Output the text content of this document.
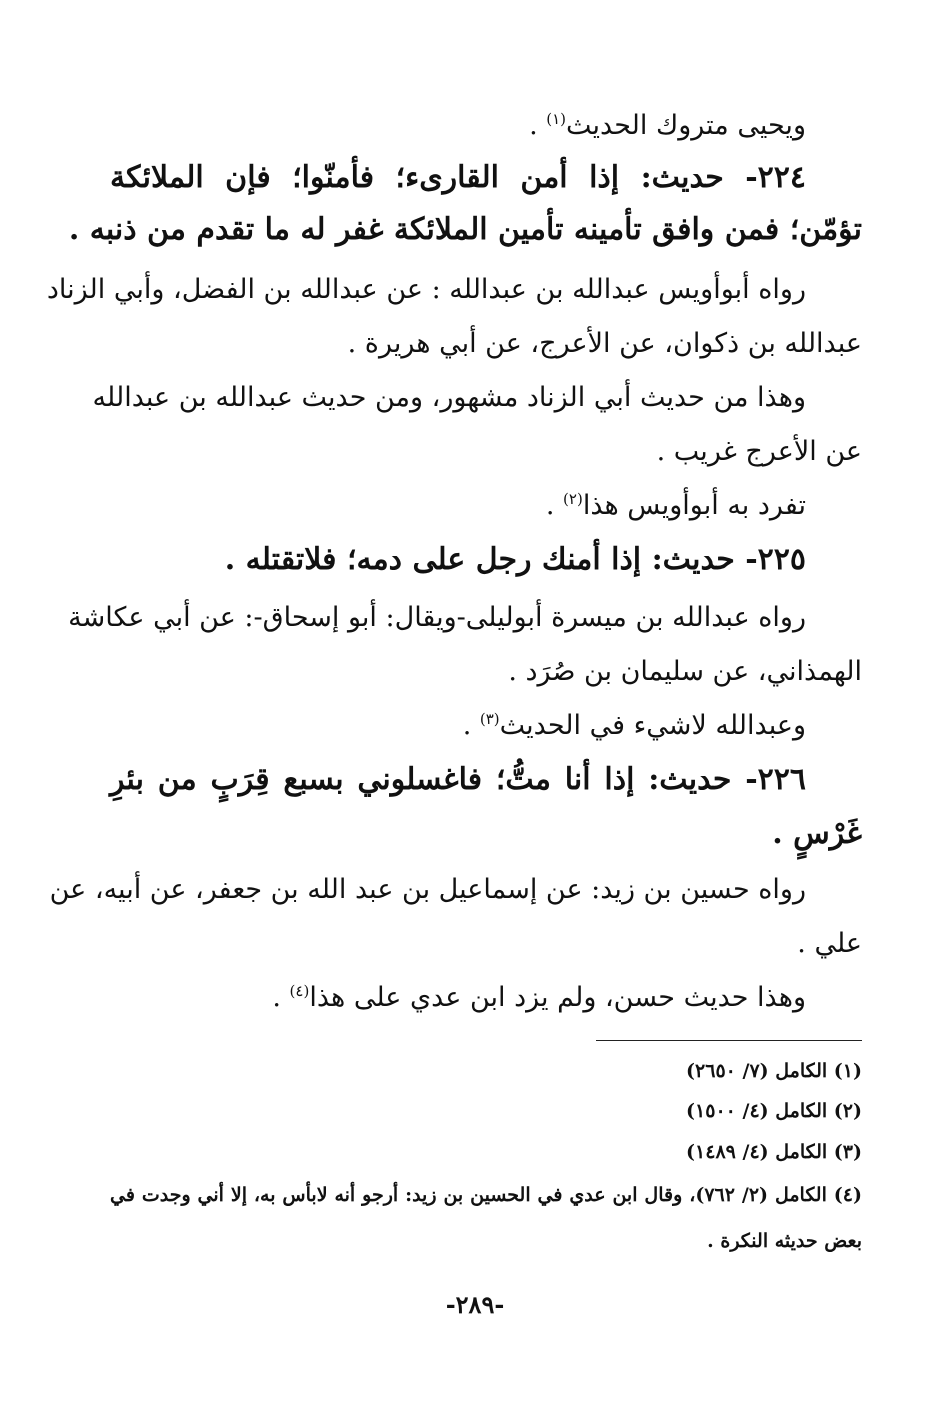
ويحيى متروك الحديث$^{(١)}$ .
٢٢٤- حديث: إذا أمن القارىء؛ فأمنّوا؛ فإن الملائكة
تؤمّن؛ فمن وافق تأمينه تأمين الملائكة غفر له ما تقدم من ذنبه .
رواه أبوأويس عبدالله بن عبدالله : عن عبدالله بن الفضل، وأبي الزناد
عبدالله بن ذكوان، عن الأعرج، عن أبي هريرة .
وهذا من حديث أبي الزناد مشهور، ومن حديث عبدالله بن عبدالله
عن الأعرج غريب .
تفرد به أبوأويس هذا$^{(٢)}$ .
٢٢٥- حديث: إذا أمنك رجل على دمه؛ فلاتقتله .
رواه عبدالله بن ميسرة أبوليلى-ويقال: أبو إسحاق-: عن أبي عكاشة
الهمذاني، عن سليمان بن صُرَد .
وعبدالله لاشيء في الحديث$^{(٣)}$ .
٢٢٦- حديث: إذا أنا متُّ؛ فاغسلوني بسبع قِرَبٍ من بئرِ
غَرْسٍ .
رواه حسين بن زيد: عن إسماعيل بن عبد الله بن جعفر، عن أبيه، عن
علي .
وهذا حديث حسن، ولم يزد ابن عدي على هذا$^{(٤)}$ .
(١) الكامل (٧/ ٢٦٥٠)
(٢) الكامل (٤/ ١٥٠٠)
(٣) الكامل (٤/ ١٤٨٩)
(٤) الكامل (٢/ ٧٦٢)، وقال ابن عدي في الحسين بن زيد: أرجو أنه لابأس به، إلا أني وجدت في
بعض حديثه النكرة .
-٢٨٩-
